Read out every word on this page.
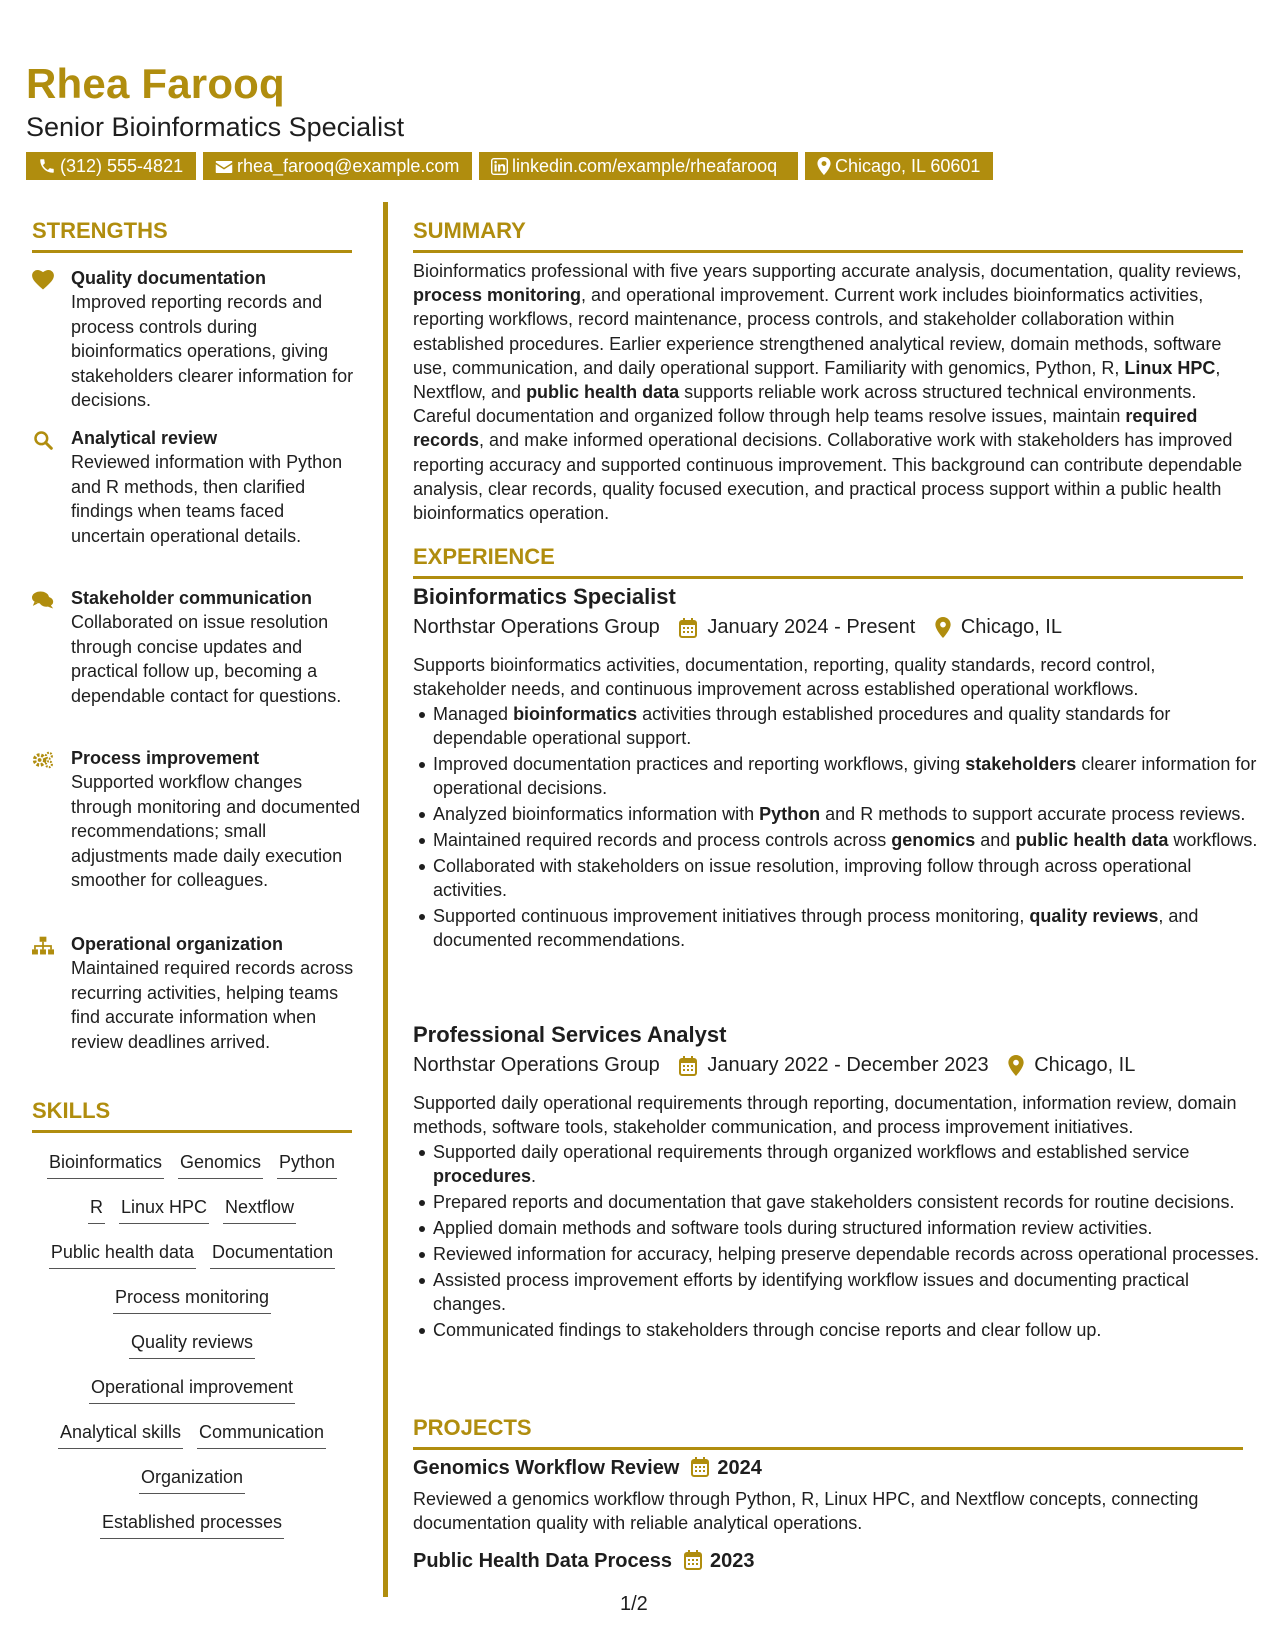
Rhea Farooq
Senior Bioinformatics Specialist
(312) 555-4821	rhea_farooq@example.com	linkedin.com/example/rheafarooq	Chicago, IL 60601
STRENGTHS
Quality documentation
Improved reporting records and process controls during bioinformatics operations, giving stakeholders clearer information for decisions.
Analytical review
Reviewed information with Python and R methods, then clarified findings when teams faced uncertain operational details.
Stakeholder communication
Collaborated on issue resolution through concise updates and practical follow up, becoming a dependable contact for questions.
Process improvement
Supported workflow changes through monitoring and documented recommendations; small adjustments made daily execution smoother for colleagues.
Operational organization
Maintained required records across recurring activities, helping teams find accurate information when review deadlines arrived.
SKILLS
Bioinformatics Genomics Python
R Linux HPC Nextflow
Public health data Documentation
Process monitoring
Quality reviews
Operational improvement
Analytical skills Communication
Organization
Established processes
SUMMARY
Bioinformatics professional with five years supporting accurate analysis, documentation, quality reviews, process monitoring, and operational improvement. Current work includes bioinformatics activities, reporting workflows, record maintenance, process controls, and stakeholder collaboration within established procedures. Earlier experience strengthened analytical review, domain methods, software use, communication, and daily operational support. Familiarity with genomics, Python, R, Linux HPC, Nextflow, and public health data supports reliable work across structured technical environments. Careful documentation and organized follow through help teams resolve issues, maintain required records, and make informed operational decisions. Collaborative work with stakeholders has improved reporting accuracy and supported continuous improvement. This background can contribute dependable analysis, clear records, quality focused execution, and practical process support within a public health bioinformatics operation.
EXPERIENCE
Bioinformatics Specialist
Northstar Operations Group January 2024 - Present Chicago, IL
Supports bioinformatics activities, documentation, reporting, quality standards, record control, stakeholder needs, and continuous improvement across established operational workflows.
Managed bioinformatics activities through established procedures and quality standards for dependable operational support.
Improved documentation practices and reporting workflows, giving stakeholders clearer information for operational decisions.
Analyzed bioinformatics information with Python and R methods to support accurate process reviews.
Maintained required records and process controls across genomics and public health data workflows.
Collaborated with stakeholders on issue resolution, improving follow through across operational activities.
Supported continuous improvement initiatives through process monitoring, quality reviews, and documented recommendations.
Professional Services Analyst
Northstar Operations Group January 2022 - December 2023 Chicago, IL
Supported daily operational requirements through reporting, documentation, information review, domain methods, software tools, stakeholder communication, and process improvement initiatives.
Supported daily operational requirements through organized workflows and established service procedures.
Prepared reports and documentation that gave stakeholders consistent records for routine decisions.
Applied domain methods and software tools during structured information review activities.
Reviewed information for accuracy, helping preserve dependable records across operational processes.
Assisted process improvement efforts by identifying workflow issues and documenting practical changes.
Communicated findings to stakeholders through concise reports and clear follow up.
PROJECTS
Genomics Workflow Review 2024
Reviewed a genomics workflow through Python, R, Linux HPC, and Nextflow concepts, connecting documentation quality with reliable analytical operations.
Public Health Data Process 2023
1/2
